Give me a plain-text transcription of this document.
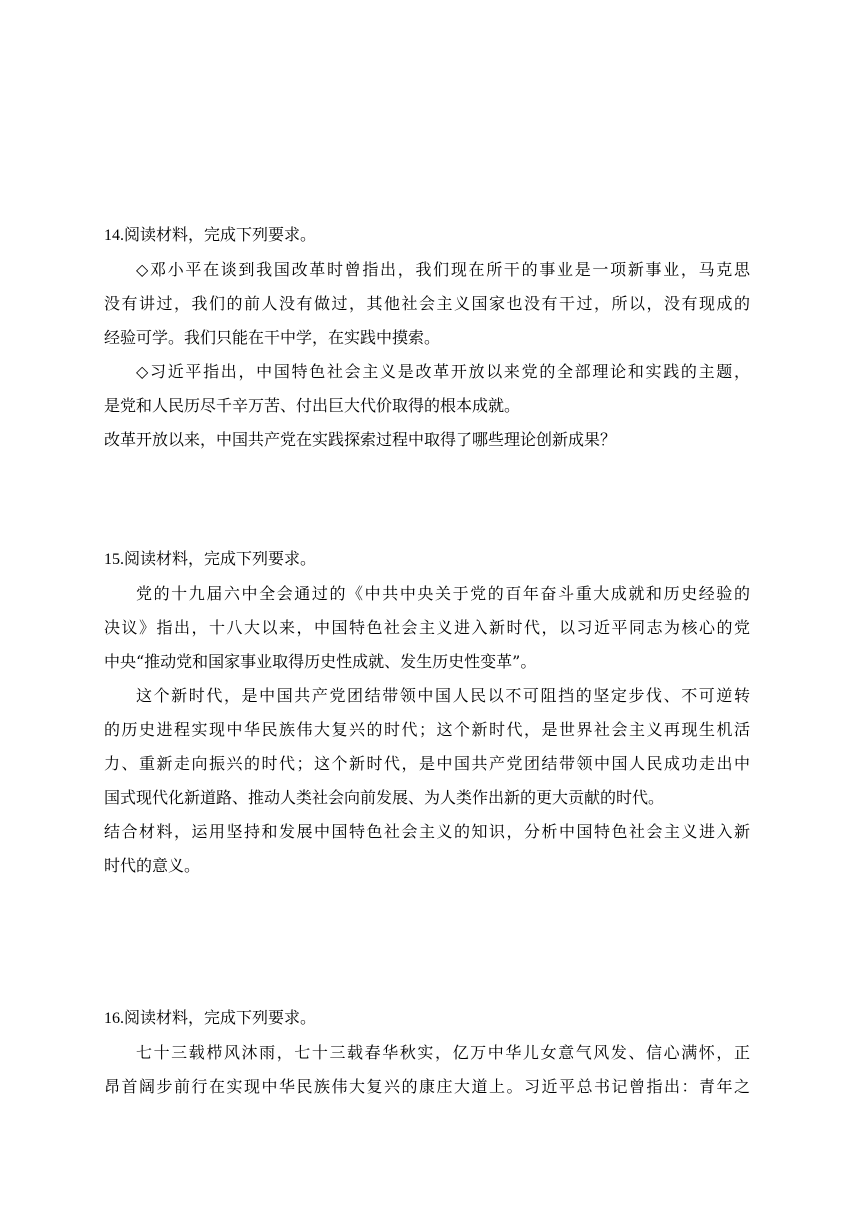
14.阅读材料，完成下列要求。
◇邓小平在谈到我国改革时曾指出，我们现在所干的事业是一项新事业，马克思
没有讲过，我们的前人没有做过，其他社会主义国家也没有干过，所以，没有现成的
经验可学。我们只能在干中学，在实践中摸索。
◇习近平指出，中国特色社会主义是改革开放以来党的全部理论和实践的主题，
是党和人民历尽千辛万苦、付出巨大代价取得的根本成就。
改革开放以来，中国共产党在实践探索过程中取得了哪些理论创新成果？
15.阅读材料，完成下列要求。
党的十九届六中全会通过的《中共中央关于党的百年奋斗重大成就和历史经验的
决议》指出，十八大以来，中国特色社会主义进入新时代，以习近平同志为核心的党
中央“推动党和国家事业取得历史性成就、发生历史性变革”。
这个新时代，是中国共产党团结带领中国人民以不可阻挡的坚定步伐、不可逆转
的历史进程实现中华民族伟大复兴的时代；这个新时代，是世界社会主义再现生机活
力、重新走向振兴的时代；这个新时代，是中国共产党团结带领中国人民成功走出中
国式现代化新道路、推动人类社会向前发展、为人类作出新的更大贡献的时代。
结合材料，运用坚持和发展中国特色社会主义的知识，分析中国特色社会主义进入新
时代的意义。
16.阅读材料，完成下列要求。
七十三载栉风沐雨，七十三载春华秋实，亿万中华儿女意气风发、信心满怀，正
昂首阔步前行在实现中华民族伟大复兴的康庄大道上。习近平总书记曾指出：青年之
